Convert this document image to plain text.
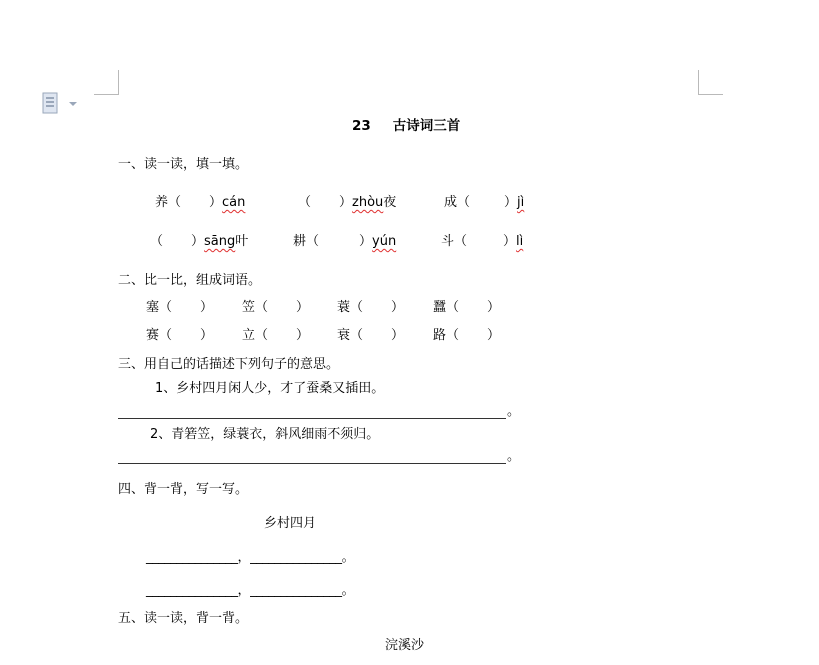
23 古诗词三首
一、读一读，填一填。
养（ ）cán	（ ）zhòu夜	成（	）jì
（ ）sāng叶	耕（	）yún	斗（	）lì
二、比一比，组成词语。
塞（ ） 笠（ ） 蓑（ ） 蠶（ ）
赛（ ） 立（ ） 衰（ ） 路（ ）
三、用自己的话描述下列句子的意思。
1、乡村四月闲人少，才了蚕桑又插田。
。
2、青箬笠，绿蓑衣，斜风细雨不须归。
。
四、背一背，写一写。
乡村四月
_______________，_______________。
_______________，_______________。
五、读一读，背一背。
浣溪沙
